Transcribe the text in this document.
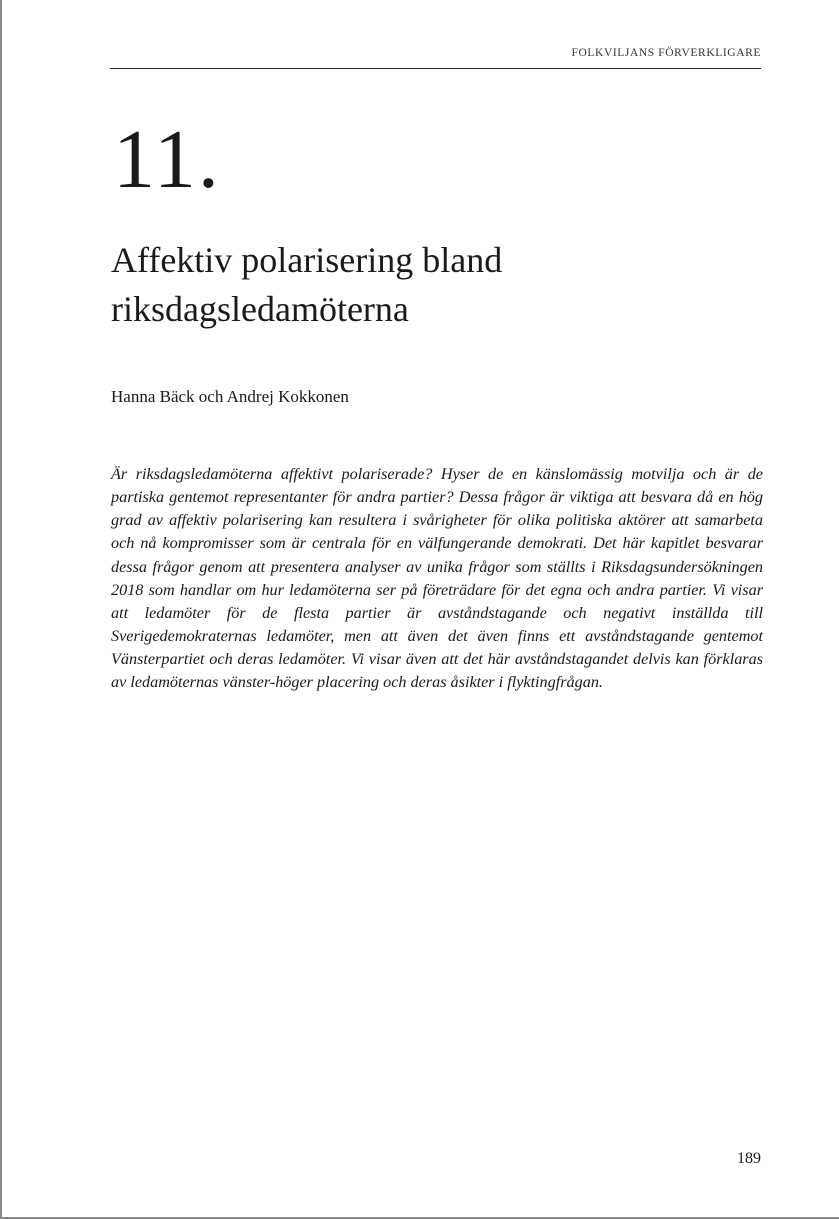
FOLKVILJANS FÖRVERKLIGARE
11.
Affektiv polarisering bland riksdagsledamöterna
Hanna Bäck och Andrej Kokkonen

Är riksdagsledamöterna affektivt polariserade? Hyser de en känslomässig motvilja och är de partiska gentemot representanter för andra partier? Dessa frågor är viktiga att besvara då en hög grad av affektiv polarisering kan resultera i svårigheter för olika politiska aktörer att samarbeta och nå kompromisser som är centrala för en välfungerande demokrati. Det här kapitlet besvarar dessa frågor genom att presentera analyser av unika frågor som ställts i Riksdagsundersökningen 2018 som handlar om hur ledamöterna ser på företrädare för det egna och andra partier. Vi visar att ledamöter för de flesta partier är avståndstagande och negativt inställda till Sverigedemokraternas ledamöter, men att även det även finns ett avståndstagande gentemot Vänsterpartiet och deras ledamöter. Vi visar även att det här avståndstagandet delvis kan förklaras av ledamöternas vänster-höger placering och deras åsikter i flyktingfrågan.

189
